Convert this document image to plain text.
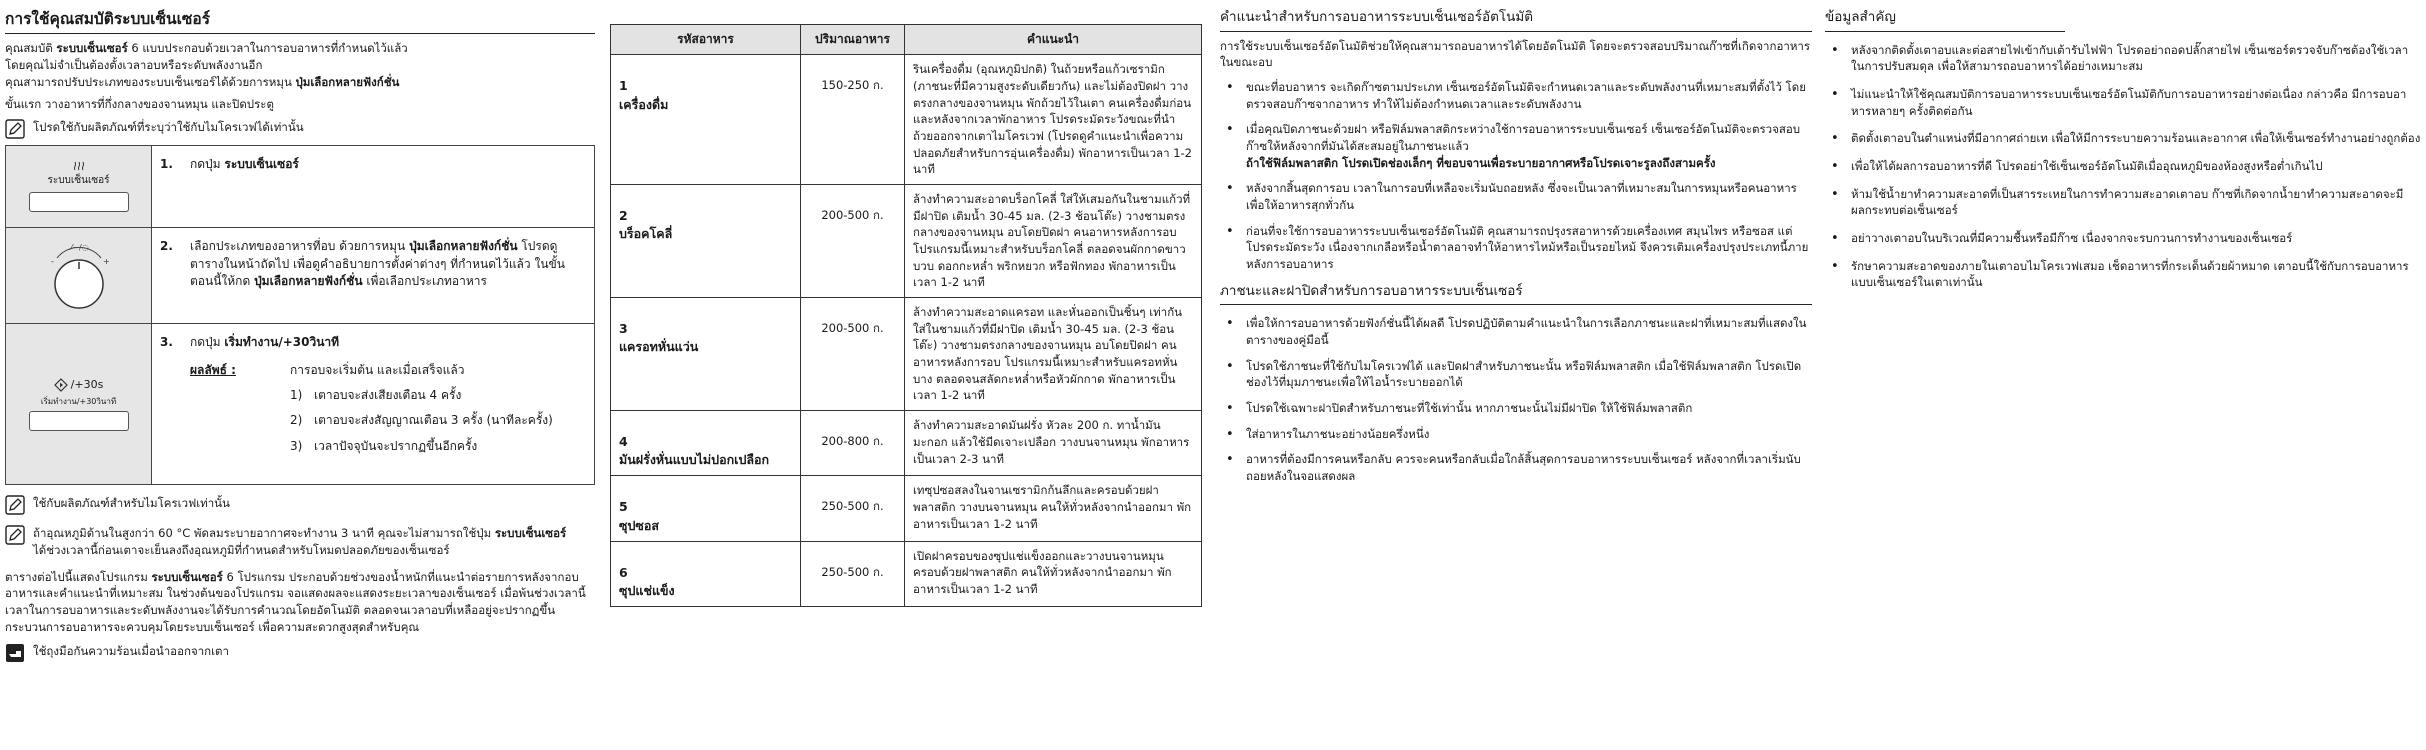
การใช้คุณสมบัติระบบเซ็นเซอร์

คุณสมบัติ ระบบเซ็นเซอร์ 6 แบบประกอบด้วยเวลาในการอบอาหารที่กำหนดไว้แล้ว

โดยคุณไม่จำเป็นต้องตั้งเวลาอบหรือระดับพลังงานอีก

คุณสามารถปรับประเภทของระบบเซ็นเซอร์ได้ด้วยการหมุน ปุ่มเลือกหลายฟังก์ชั่น

ขั้นแรก วางอาหารที่กึ่งกลางของจานหมุน และปิดประตู

โปรดใช้กับผลิตภัณฑ์ที่ระบุว่าใช้กับไมโครเวฟได้เท่านั้น
ระบบเซ็นเซอร์
1. กดปุ่ม ระบบเซ็นเซอร์

⁄~/◌
-	+
2. เลือกประเภทของอาหารที่อบ ด้วยการหมุน ปุ่มเลือกหลายฟังก์ชั่น โปรดดูตารางในหน้าถัดไป เพื่อดูคำอธิบายการตั้งค่าต่างๆ ที่กำหนดไว้แล้ว ในขั้นตอนนี้ให้กด ปุ่มเลือกหลายฟังก์ชั่น เพื่อเลือกประเภทอาหาร

/+30s
เริ่มทำงาน/+30วินาที
3. กดปุ่ม เริ่มทำงาน/+30วินาที

ผลลัพธ์ :	การอบจะเริ่มต้น และเมื่อเสร็จแล้ว

1) เตาอบจะส่งเสียงเตือน 4 ครั้ง
2) เตาอบจะส่งสัญญาณเตือน 3 ครั้ง (นาทีละครั้ง)
3) เวลาปัจจุบันจะปรากฏขึ้นอีกครั้ง
ใช้กับผลิตภัณฑ์สำหรับไมโครเวฟเท่านั้น

ถ้าอุณหภูมิด้านในสูงกว่า 60 °C พัดลมระบายอากาศจะทำงาน 3 นาที คุณจะไม่สามารถใช้ปุ่ม ระบบเซ็นเซอร์
ได้ช่วงเวลานี้ก่อนเตาจะเย็นลงถึงอุณหภูมิที่กำหนดสำหรับโหมดปลอดภัยของเซ็นเซอร์

ตารางต่อไปนี้แสดงโปรแกรม ระบบเซ็นเซอร์ 6 โปรแกรม ประกอบด้วยช่วงของน้ำหนักที่แนะนำต่อรายการหลังจากอบอาหารและคำแนะนำที่เหมาะสม ในช่วงต้นของโปรแกรม จอแสดงผลจะแสดงระยะเวลาของเซ็นเซอร์ เมื่อพ้นช่วงเวลานี้ เวลาในการอบอาหารและระดับพลังงานจะได้รับการคำนวณโดยอัตโนมัติ ตลอดจนเวลาอบที่เหลืออยู่จะปรากฏขึ้น กระบวนการอบอาหารจะควบคุมโดยระบบเซ็นเซอร์ เพื่อความสะดวกสูงสุดสำหรับคุณ

ใช้ถุงมือกันความร้อนเมื่อนำออกจากเตา
รหัสอาหาร	ปริมาณอาหาร	คำแนะนำ

1
เครื่องดื่ม	150-250 ก.	รินเครื่องดื่ม (อุณหภูมิปกติ) ในถ้วยหรือแก้วเซรามิก (ภาชนะที่มีความสูงระดับเดียวกัน) และไม่ต้องปิดฝา วางตรงกลางของจานหมุน พักถ้วยไว้ในเตา คนเครื่องดื่มก่อนและหลังจากเวลาพักอาหาร โปรดระมัดระวังขณะที่นำถ้วยออกจากเตาไมโครเวฟ (โปรดดูคำแนะนำเพื่อความปลอดภัยสำหรับการอุ่นเครื่องดื่ม) พักอาหารเป็นเวลา 1-2 นาที

2
บร็อคโคลี่	200-500 ก.	ล้างทำความสะอาดบร็อกโคลี่ ใส่ให้เสมอกันในชามแก้วที่มีฝาปิด เติมน้ำ 30-45 มล. (2-3 ช้อนโต๊ะ) วางชามตรงกลางของจานหมุน อบโดยปิดฝา คนอาหารหลังการอบ โปรแกรมนี้เหมาะสำหรับบร็อกโคลี่ ตลอดจนผักกาดขาว บวบ ดอกกะหล่ำ พริกหยวก หรือฟักทอง พักอาหารเป็นเวลา 1-2 นาที

3
แครอทหั่นแว่น	200-500 ก.	ล้างทำความสะอาดแครอท และหั่นออกเป็นชิ้นๆ เท่ากัน ใส่ในชามแก้วที่มีฝาปิด เติมน้ำ 30-45 มล. (2-3 ช้อนโต๊ะ) วางชามตรงกลางของจานหมุน อบโดยปิดฝา คนอาหารหลังการอบ โปรแกรมนี้เหมาะสำหรับแครอทหั่นบาง ตลอดจนสลัดกะหล่ำหรือหัวผักกาด พักอาหารเป็นเวลา 1-2 นาที

4
มันฝรั่งหั่นแบบไม่ปอกเปลือก	200-800 ก.	ล้างทำความสะอาดมันฝรั่ง หัวละ 200 ก. ทาน้ำมันมะกอก แล้วใช้มีดเจาะเปลือก วางบนจานหมุน พักอาหารเป็นเวลา 2-3 นาที

5
ซุปซอส	250-500 ก.	เทซุปซอสลงในจานเซรามิกก้นลึกและครอบด้วยฝาพลาสติก วางบนจานหมุน คนให้ทั่วหลังจากนำออกมา พักอาหารเป็นเวลา 1-2 นาที

6
ซุปแช่แข็ง	250-500 ก.	เปิดฝาครอบของซุปแช่แข็งออกและวางบนจานหมุน ครอบด้วยฝาพลาสติก คนให้ทั่วหลังจากนำออกมา พักอาหารเป็นเวลา 1-2 นาที
คำแนะนำสำหรับการอบอาหารระบบเซ็นเซอร์อัตโนมัติ

การใช้ระบบเซ็นเซอร์อัตโนมัติช่วยให้คุณสามารถอบอาหารได้โดยอัตโนมัติ โดยจะตรวจสอบปริมาณก๊าซที่เกิดจากอาหารในขณะอบ

• ขณะที่อบอาหาร จะเกิดก๊าซตามประเภท เซ็นเซอร์อัตโนมัติจะกำหนดเวลาและระดับพลังงานที่เหมาะสมที่ตั้งไว้ โดยตรวจสอบก๊าซจากอาหาร ทำให้ไม่ต้องกำหนดเวลาและระดับพลังงาน
• เมื่อคุณปิดภาชนะด้วยฝา หรือฟิล์มพลาสติกระหว่างใช้การอบอาหารระบบเซ็นเซอร์ เซ็นเซอร์อัตโนมัติจะตรวจสอบก๊าซให้หลังจากที่มันได้สะสมอยู่ในภาชนะแล้ว
ถ้าใช้ฟิล์มพลาสติก โปรดเปิดช่องเล็กๆ ที่ขอบจานเพื่อระบายอากาศหรือโปรดเจาะรูลงถึงสามครั้ง
• หลังจากสิ้นสุดการอบ เวลาในการอบที่เหลือจะเริ่มนับถอยหลัง ซึ่งจะเป็นเวลาที่เหมาะสมในการหมุนหรือคนอาหาร เพื่อให้อาหารสุกทั่วกัน
• ก่อนที่จะใช้การอบอาหารระบบเซ็นเซอร์อัตโนมัติ คุณสามารถปรุงรสอาหารด้วยเครื่องเทศ สมุนไพร หรือซอส แต่โปรดระมัดระวัง เนื่องจากเกลือหรือน้ำตาลอาจทำให้อาหารไหม้หรือเป็นรอยไหม้ จึงควรเติมเครื่องปรุงประเภทนี้ภายหลังการอบอาหาร
ภาชนะและฝาปิดสำหรับการอบอาหารระบบเซ็นเซอร์
• เพื่อให้การอบอาหารด้วยฟังก์ชั่นนี้ได้ผลดี โปรดปฏิบัติตามคำแนะนำในการเลือกภาชนะและฝาที่เหมาะสมที่แสดงในตารางของคู่มือนี้
• โปรดใช้ภาชนะที่ใช้กับไมโครเวฟได้ และปิดฝาสำหรับภาชนะนั้น หรือฟิล์มพลาสติก เมื่อใช้ฟิล์มพลาสติก โปรดเปิดช่องไว้ที่มุมภาชนะเพื่อให้ไอน้ำระบายออกได้
• โปรดใช้เฉพาะฝาปิดสำหรับภาชนะที่ใช้เท่านั้น หากภาชนะนั้นไม่มีฝาปิด ให้ใช้ฟิล์มพลาสติก
• ใส่อาหารในภาชนะอย่างน้อยครึ่งหนึ่ง
• อาหารที่ต้องมีการคนหรือกลับ ควรจะคนหรือกลับเมื่อใกล้สิ้นสุดการอบอาหารระบบเซ็นเซอร์ หลังจากที่เวลาเริ่มนับถอยหลังในจอแสดงผล
ข้อมูลสำคัญ
• หลังจากติดตั้งเตาอบและต่อสายไฟเข้ากับเต้ารับไฟฟ้า โปรดอย่าถอดปลั๊กสายไฟ เซ็นเซอร์ตรวจจับก๊าซต้องใช้เวลาในการปรับสมดุล เพื่อให้สามารถอบอาหารได้อย่างเหมาะสม
• ไม่แนะนำให้ใช้คุณสมบัติการอบอาหารระบบเซ็นเซอร์อัตโนมัติกับการอบอาหารอย่างต่อเนื่อง กล่าวคือ มีการอบอาหารหลายๆ ครั้งติดต่อกัน
• ติดตั้งเตาอบในตำแหน่งที่มีอากาศถ่ายเท เพื่อให้มีการระบายความร้อนและอากาศ เพื่อให้เซ็นเซอร์ทำงานอย่างถูกต้อง
• เพื่อให้ได้ผลการอบอาหารที่ดี โปรดอย่าใช้เซ็นเซอร์อัตโนมัติเมื่ออุณหภูมิของห้องสูงหรือต่ำเกินไป
• ห้ามใช้น้ำยาทำความสะอาดที่เป็นสารระเหยในการทำความสะอาดเตาอบ ก๊าซที่เกิดจากน้ำยาทำความสะอาดจะมีผลกระทบต่อเซ็นเซอร์
• อย่าวางเตาอบในบริเวณที่มีความชื้นหรือมีก๊าซ เนื่องจากจะรบกวนการทำงานของเซ็นเซอร์
• รักษาความสะอาดของภายในเตาอบไมโครเวฟเสมอ เช็ดอาหารที่กระเด็นด้วยผ้าหมาด เตาอบนี้ใช้กับการอบอาหารแบบเซ็นเซอร์ในเตาเท่านั้น
